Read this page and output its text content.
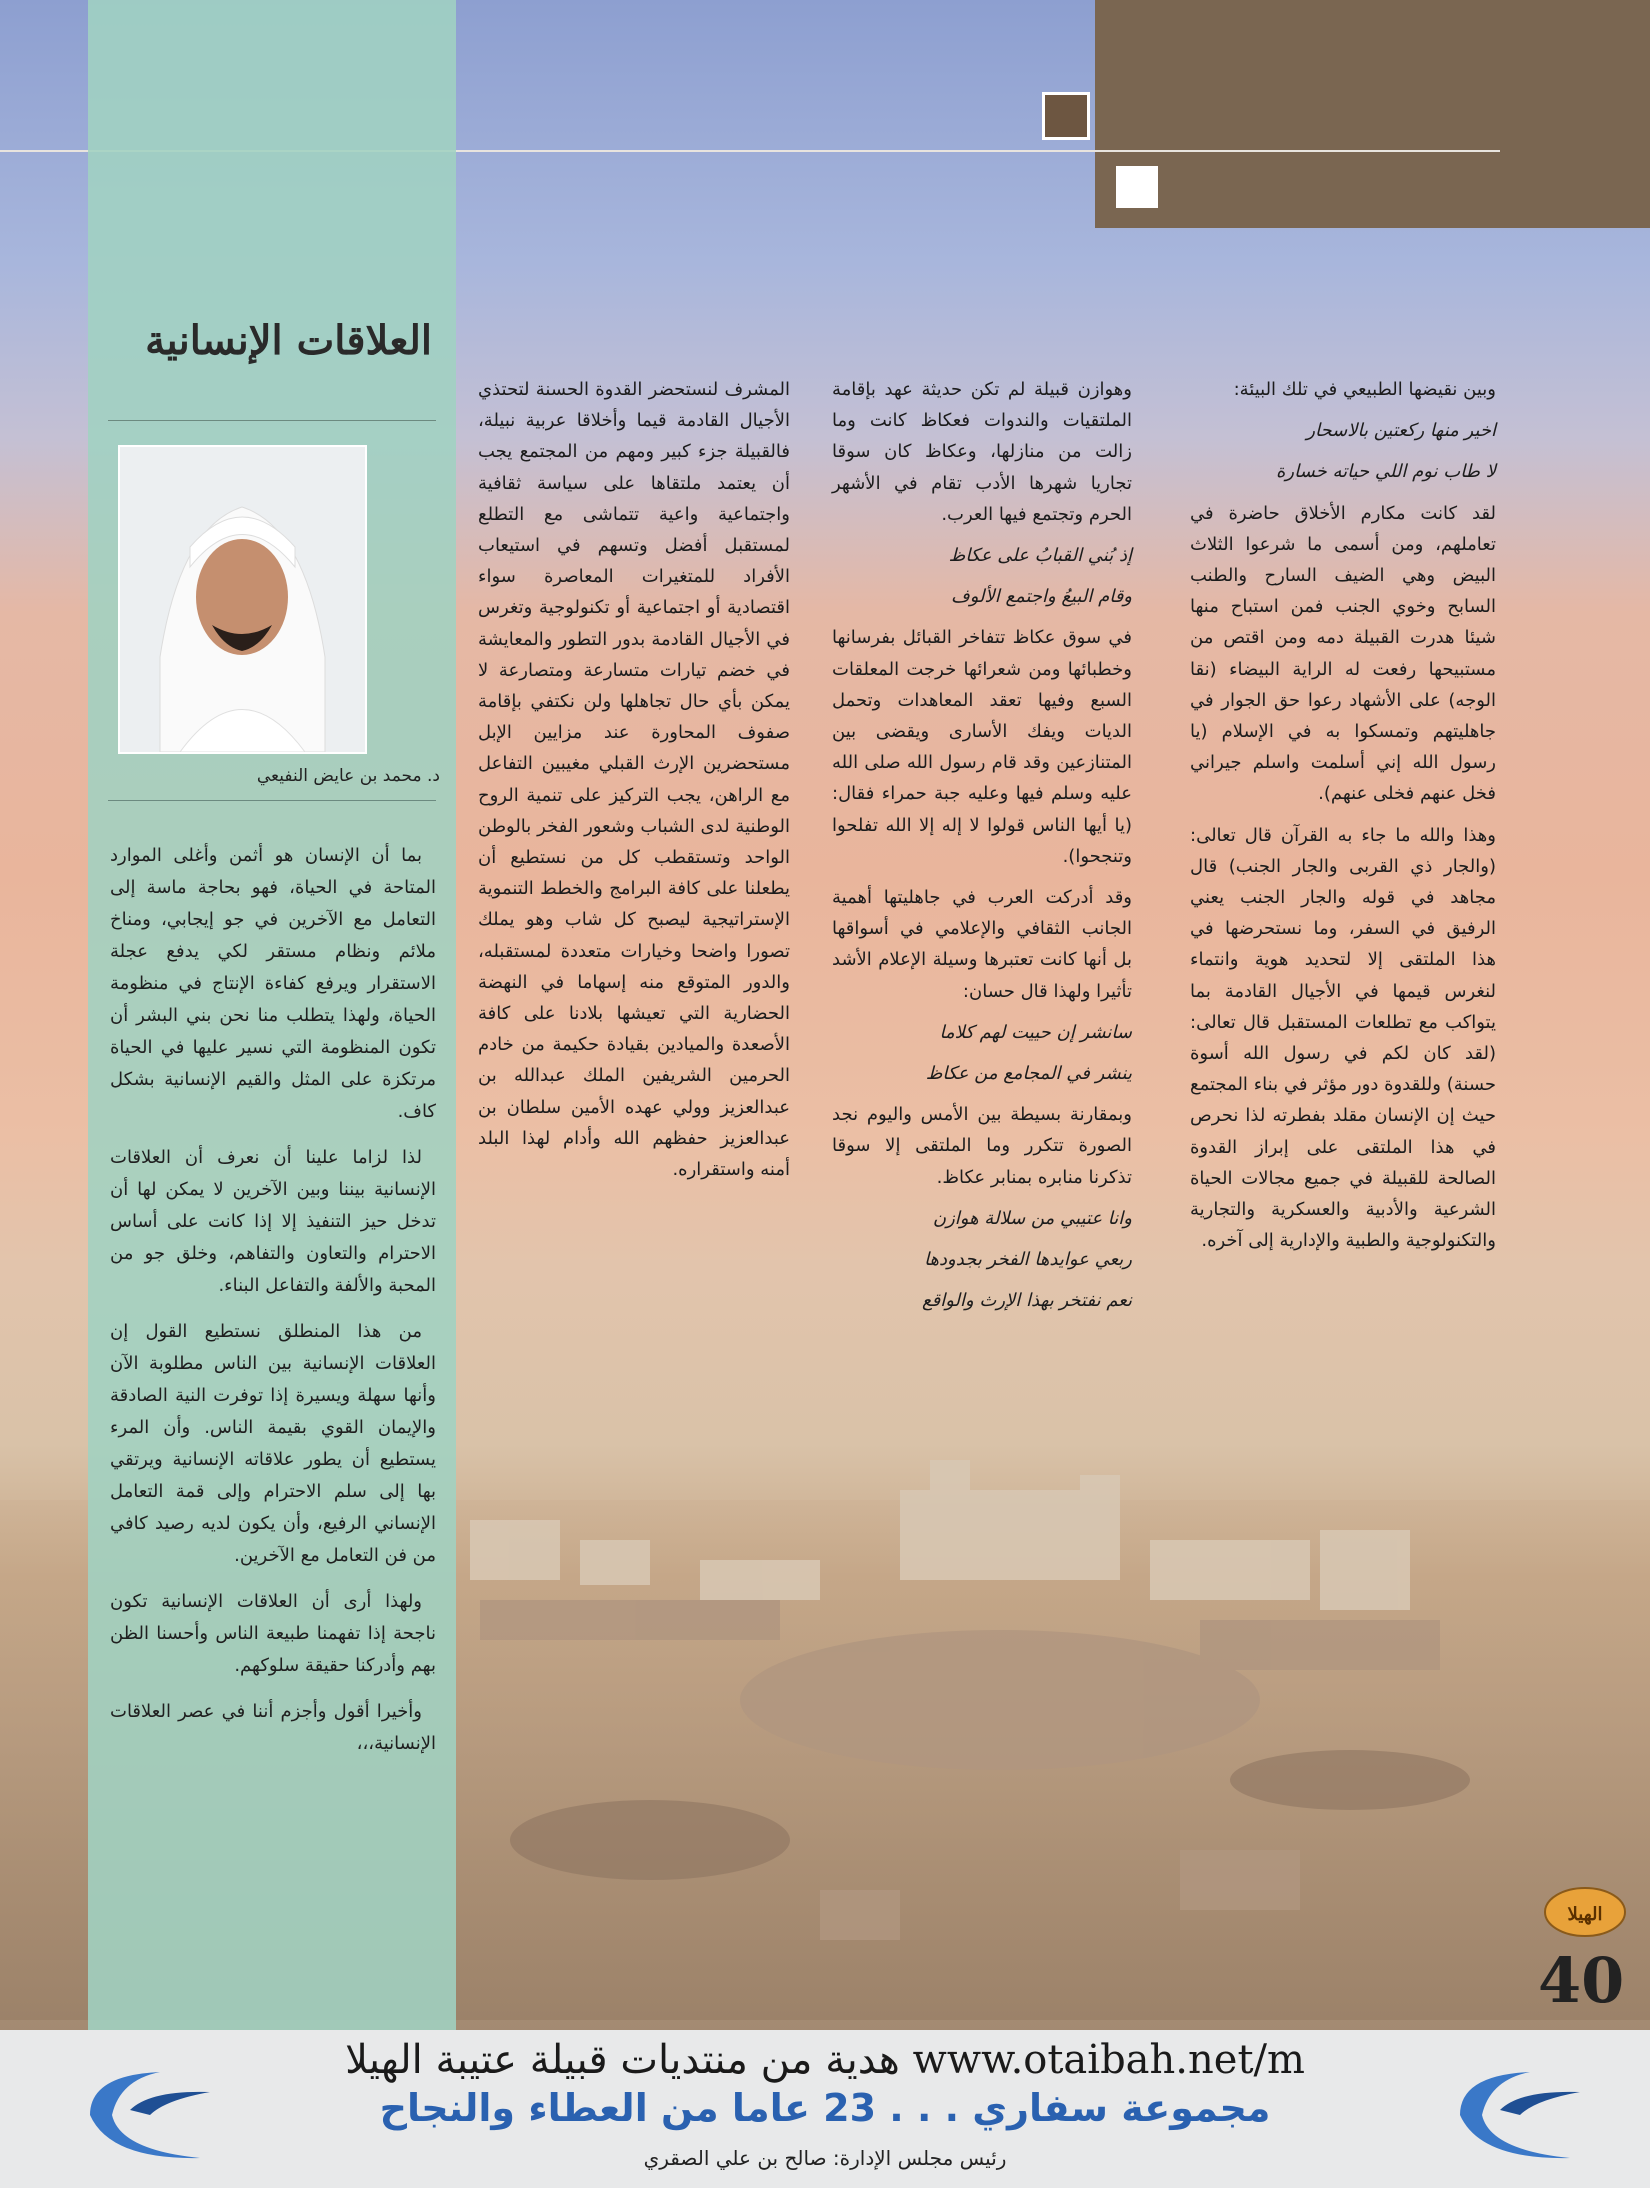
العلاقات الإنسانية
د. محمد بن عايض النفيعي

بما أن الإنسان هو أثمن وأغلى الموارد المتاحة في الحياة، فهو بحاجة ماسة إلى التعامل مع الآخرين في جو إيجابي، ومناخ ملائم ونظام مستقر لكي يدفع عجلة الاستقرار ويرفع كفاءة الإنتاج في منظومة الحياة، ولهذا يتطلب منا نحن بني البشر أن تكون المنظومة التي نسير عليها في الحياة مرتكزة على المثل والقيم الإنسانية بشكل كاف.

لذا لزاما علينا أن نعرف أن العلاقات الإنسانية بيننا وبين الآخرين لا يمكن لها أن تدخل حيز التنفيذ إلا إذا كانت على أساس الاحترام والتعاون والتفاهم، وخلق جو من المحبة والألفة والتفاعل البناء.

من هذا المنطلق نستطيع القول إن العلاقات الإنسانية بين الناس مطلوبة الآن وأنها سهلة ويسيرة إذا توفرت النية الصادقة والإيمان القوي بقيمة الناس. وأن المرء يستطيع أن يطور علاقاته الإنسانية ويرتقي بها إلى سلم الاحترام وإلى قمة التعامل الإنساني الرفيع، وأن يكون لديه رصيد كافي من فن التعامل مع الآخرين.

ولهذا أرى أن العلاقات الإنسانية تكون ناجحة إذا تفهمنا طبيعة الناس وأحسنا الظن بهم وأدركنا حقيقة سلوكهم.

وأخيرا أقول وأجزم أننا في عصر العلاقات الإنسانية،،،

وبين نقيضها الطبيعي في تلك البيئة:

اخير منها ركعتين بالاسحار

لا طاب نوم اللي حياته خسارة

لقد كانت مكارم الأخلاق حاضرة في تعاملهم، ومن أسمى ما شرعوا الثلاث البيض وهي الضيف السارح والطنب السابح وخوي الجنب فمن استباح منها شيئا هدرت القبيلة دمه ومن اقتص من مستبيحها رفعت له الراية البيضاء (نقا الوجه) على الأشهاد رعوا حق الجوار في جاهليتهم وتمسكوا به في الإسلام (يا رسول الله إني أسلمت واسلم جيراني فخل عنهم فخلى عنهم).

وهذا والله ما جاء به القرآن قال تعالى: (والجار ذي القربى والجار الجنب) قال مجاهد في قوله والجار الجنب يعني الرفيق في السفر، وما نستحرضها في هذا الملتقى إلا لتحديد هوية وانتماء لنغرس قيمها في الأجيال القادمة بما يتواكب مع تطلعات المستقبل قال تعالى: (لقد كان لكم في رسول الله أسوة حسنة) وللقدوة دور مؤثر في بناء المجتمع حيث إن الإنسان مقلد بفطرته لذا نحرص في هذا الملتقى على إبراز القدوة الصالحة للقبيلة في جميع مجالات الحياة الشرعية والأدبية والعسكرية والتجارية والتكنولوجية والطبية والإدارية إلى آخره.

وهوازن قبيلة لم تكن حديثة عهد بإقامة الملتقيات والندوات فعكاظ كانت وما زالت من منازلها، وعكاظ كان سوقا تجاريا شهرها الأدب تقام في الأشهر الحرم وتجتمع فيها العرب.

إذ بُني القبابُ على عكاظ

وقام البيعُ واجتمع الألوف

في سوق عكاظ تتفاخر القبائل بفرسانها وخطبائها ومن شعرائها خرجت المعلقات السبع وفيها تعقد المعاهدات وتحمل الديات ويفك الأسارى ويقضى بين المتنازعين وقد قام رسول الله صلى الله عليه وسلم فيها وعليه جبة حمراء فقال: (يا أيها الناس قولوا لا إله إلا الله تفلحوا وتنجحوا).

وقد أدركت العرب في جاهليتها أهمية الجانب الثقافي والإعلامي في أسواقها بل أنها كانت تعتبرها وسيلة الإعلام الأشد تأثيرا ولهذا قال حسان:

سانشر إن حييت لهم كلاما

ينشر في المجامع من عكاظ

وبمقارنة بسيطة بين الأمس واليوم نجد الصورة تتكرر وما الملتقى إلا سوقا تذكرنا منابره بمنابر عكاظ.

وانا عتيبي من سلالة هوازن

ربعي عوايدها الفخر بجدودها

نعم نفتخر بهذا الإرث والواقع

المشرف لنستحضر القدوة الحسنة لتحتذي الأجيال القادمة قيما وأخلاقا عربية نبيلة، فالقبيلة جزء كبير ومهم من المجتمع يجب أن يعتمد ملتقاها على سياسة ثقافية واجتماعية واعية تتماشى مع التطلع لمستقبل أفضل وتسهم في استيعاب الأفراد للمتغيرات المعاصرة سواء اقتصادية أو اجتماعية أو تكنولوجية وتغرس في الأجيال القادمة بدور التطور والمعايشة في خضم تيارات متسارعة ومتصارعة لا يمكن بأي حال تجاهلها ولن نكتفي بإقامة صفوف المحاورة عند مزايين الإبل مستحضرين الإرث القبلي مغيبين التفاعل مع الراهن، يجب التركيز على تنمية الروح الوطنية لدى الشباب وشعور الفخر بالوطن الواحد وتستقطب كل من نستطيع أن يطعلنا على كافة البرامج والخطط التنموية الإستراتيجية ليصبح كل شاب وهو يملك تصورا واضحا وخيارات متعددة لمستقبله، والدور المتوقع منه إسهاما في النهضة الحضارية التي تعيشها بلادنا على كافة الأصعدة والميادين بقيادة حكيمة من خادم الحرمين الشريفين الملك عبدالله بن عبدالعزيز وولي عهده الأمين سلطان بن عبدالعزيز حفظهم الله وأدام لهذا البلد أمنه واستقراره.

الهيلا
40
www.otaibah.net/m هدية من منتديات قبيلة عتيبة الهيلا
مجموعة سفاري . . . 23 عاما من العطاء والنجاح
رئيس مجلس الإدارة: صالح بن علي الصقري
